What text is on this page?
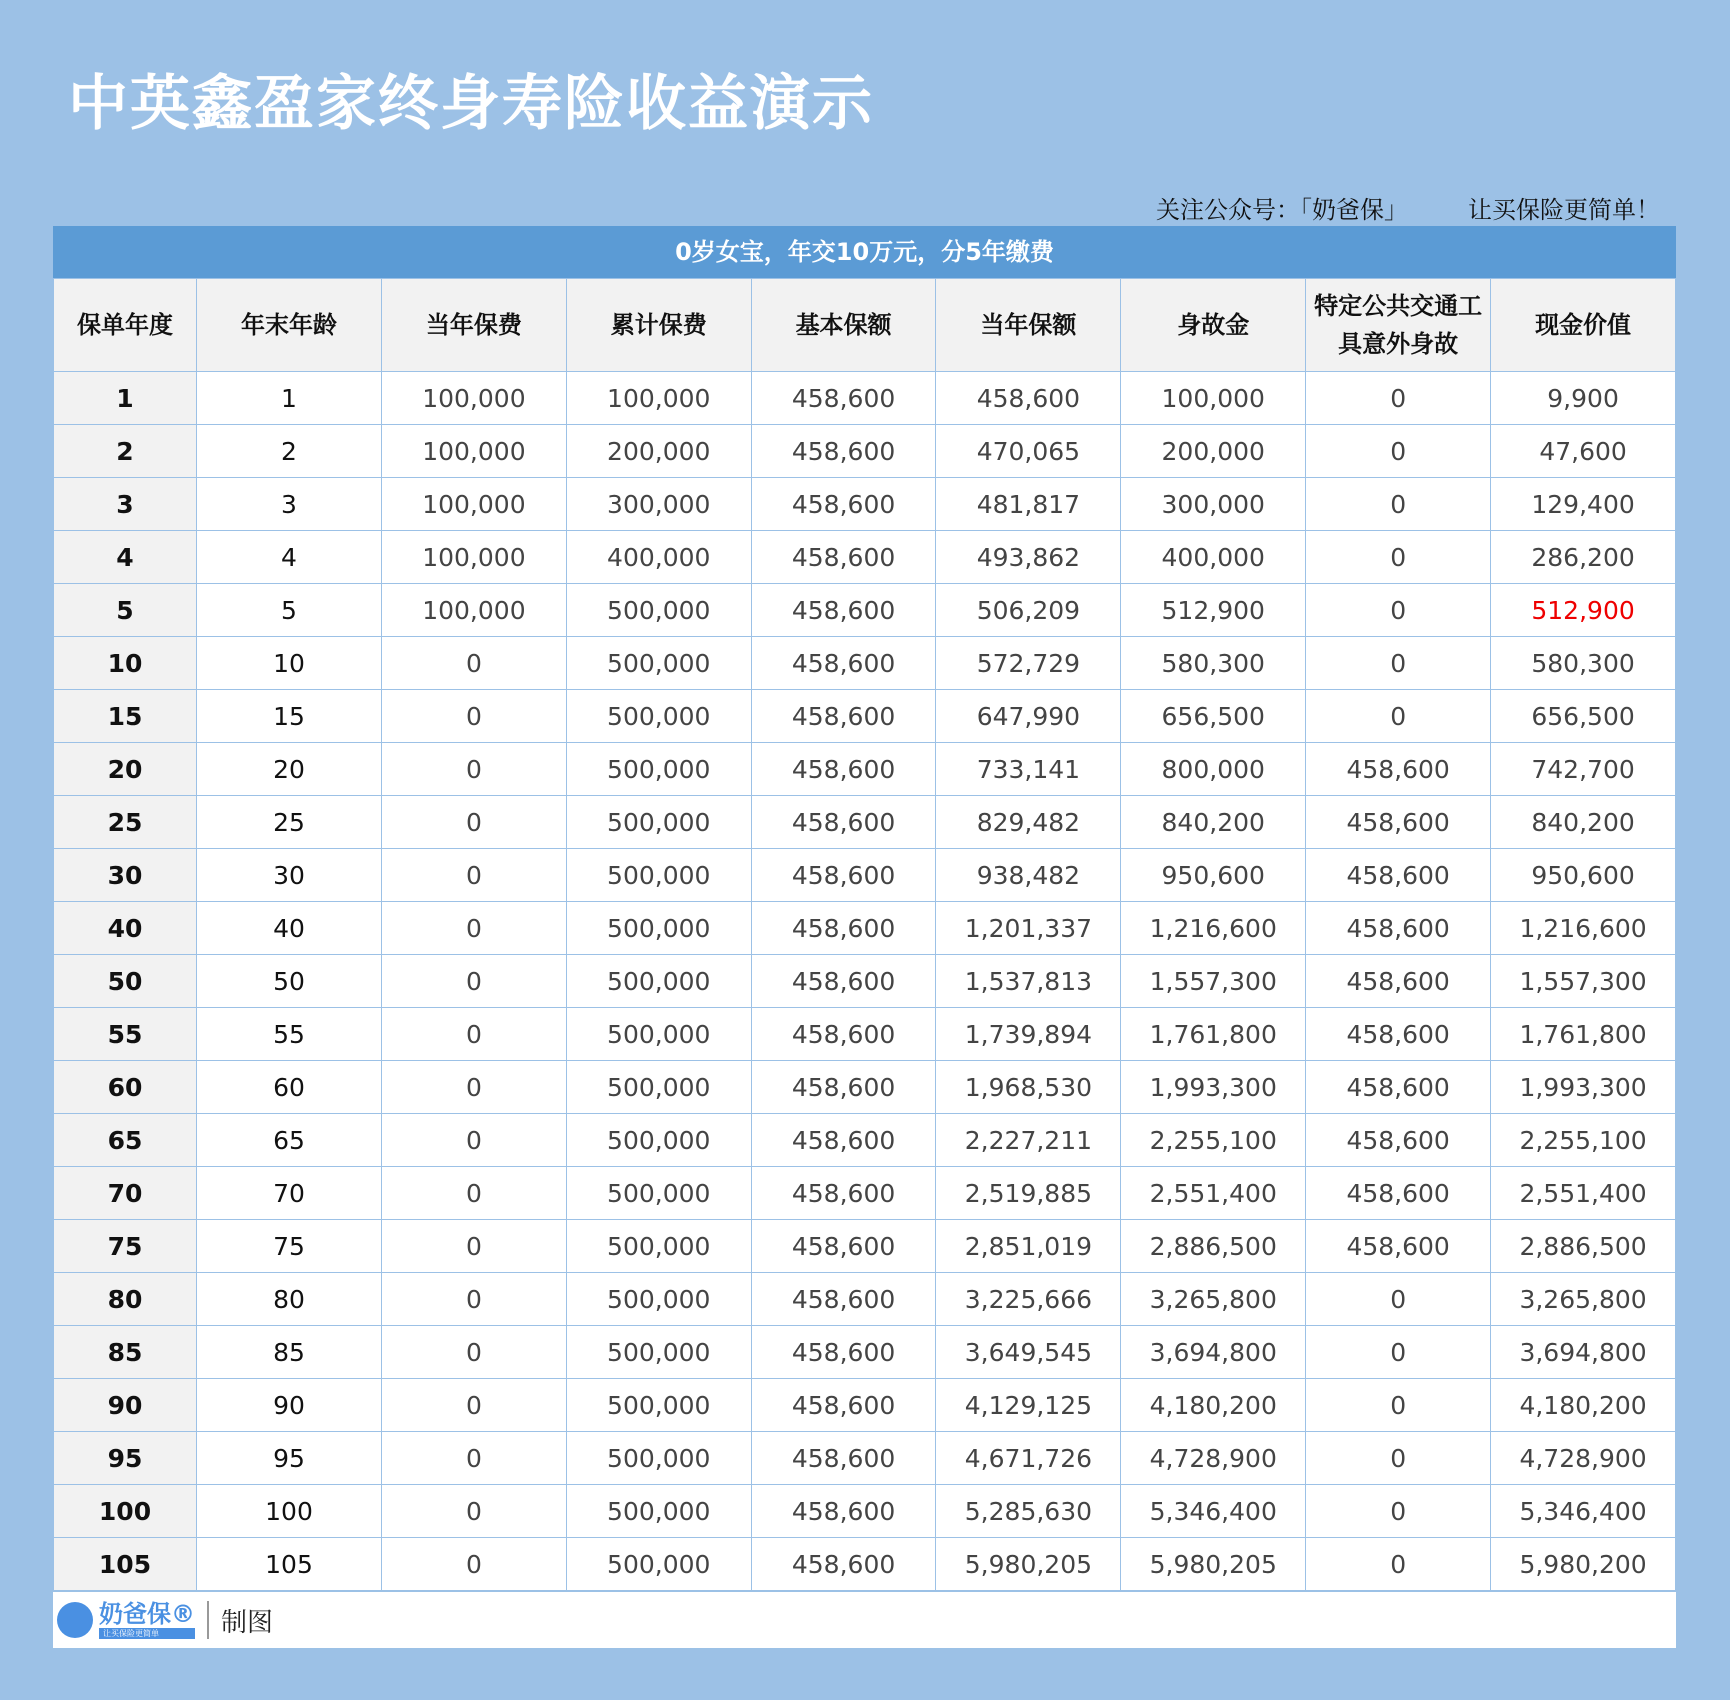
中英鑫盈家终身寿险收益演示
关注公众号：「奶爸保」	让买保险更简单！
0岁女宝，年交10万元，分5年缴费
保单年度	年末年龄	当年保费	累计保费	基本保额	当年保额	身故金	特定公共交通工具意外身故	现金价值
1	1	100,000	100,000	458,600	458,600	100,000	0	9,900
2	2	100,000	200,000	458,600	470,065	200,000	0	47,600
3	3	100,000	300,000	458,600	481,817	300,000	0	129,400
4	4	100,000	400,000	458,600	493,862	400,000	0	286,200
5	5	100,000	500,000	458,600	506,209	512,900	0	512,900
10	10	0	500,000	458,600	572,729	580,300	0	580,300
15	15	0	500,000	458,600	647,990	656,500	0	656,500
20	20	0	500,000	458,600	733,141	800,000	458,600	742,700
25	25	0	500,000	458,600	829,482	840,200	458,600	840,200
30	30	0	500,000	458,600	938,482	950,600	458,600	950,600
40	40	0	500,000	458,600	1,201,337	1,216,600	458,600	1,216,600
50	50	0	500,000	458,600	1,537,813	1,557,300	458,600	1,557,300
55	55	0	500,000	458,600	1,739,894	1,761,800	458,600	1,761,800
60	60	0	500,000	458,600	1,968,530	1,993,300	458,600	1,993,300
65	65	0	500,000	458,600	2,227,211	2,255,100	458,600	2,255,100
70	70	0	500,000	458,600	2,519,885	2,551,400	458,600	2,551,400
75	75	0	500,000	458,600	2,851,019	2,886,500	458,600	2,886,500
80	80	0	500,000	458,600	3,225,666	3,265,800	0	3,265,800
85	85	0	500,000	458,600	3,649,545	3,694,800	0	3,694,800
90	90	0	500,000	458,600	4,129,125	4,180,200	0	4,180,200
95	95	0	500,000	458,600	4,671,726	4,728,900	0	4,728,900
100	100	0	500,000	458,600	5,285,630	5,346,400	0	5,346,400
105	105	0	500,000	458,600	5,980,205	5,980,205	0	5,980,200
奶爸保®
让买保险更简单	制图
